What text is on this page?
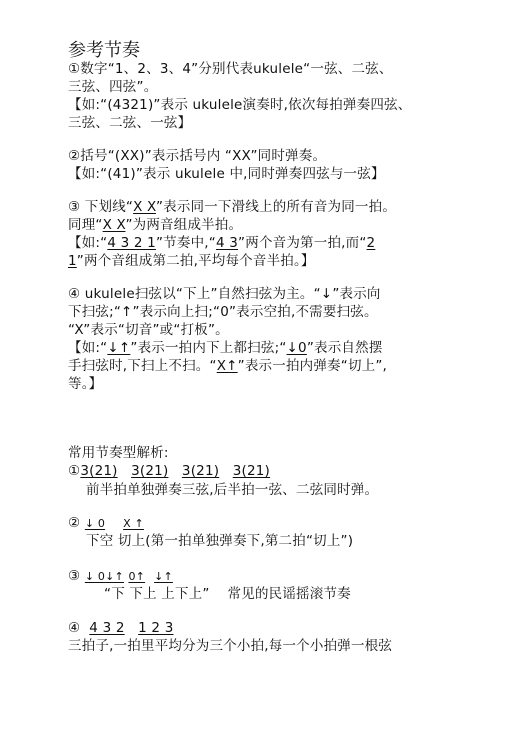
参考节奏
①数字“1、2、3、4”分别代表ukulele“一弦、二弦、
三弦、四弦”。
【如:“(4321)”表示 ukulele演奏时,依次每拍弹奏四弦、
三弦、二弦、一弦】
②括号“(XX)”表示括号内 “XX”同时弹奏。
【如:“(41)”表示 ukulele 中,同时弹奏四弦与一弦】
③ 下划线“X X”表示同一下滑线上的所有音为同一拍。
同理“X X”为两音组成半拍。
【如:“4 3 2 1”节奏中,“4 3”两个音为第一拍,而“2
1”两个音组成第二拍,平均每个音半拍。】
④ ukulele扫弦以“下上”自然扫弦为主。“↓”表示向
下扫弦;“↑”表示向上扫;“0”表示空拍,不需要扫弦。
“X”表示“切音”或“打板”。
【如:“↓↑”表示一拍内下上都扫弦;“↓0”表示自然摆
手扫弦时,下扫上不扫。“X↑”表示一拍内弹奏“切上”,
等。】
常用节奏型解析:
①3(21) 3(21) 3(21) 3(21)
前半拍单独弹奏三弦,后半拍一弦、二弦同时弹。
② ↓ 0 X ↑
下空 切上(第一拍单独弹奏下,第二拍“切上”)
③ ↓ 0↓↑ 0↑ ↓↑
“下 下上 上下上” 常见的民谣摇滚节奏
④ 4 3 2 1 2 3
三拍子,一拍里平均分为三个小拍,每一个小拍弹一根弦
